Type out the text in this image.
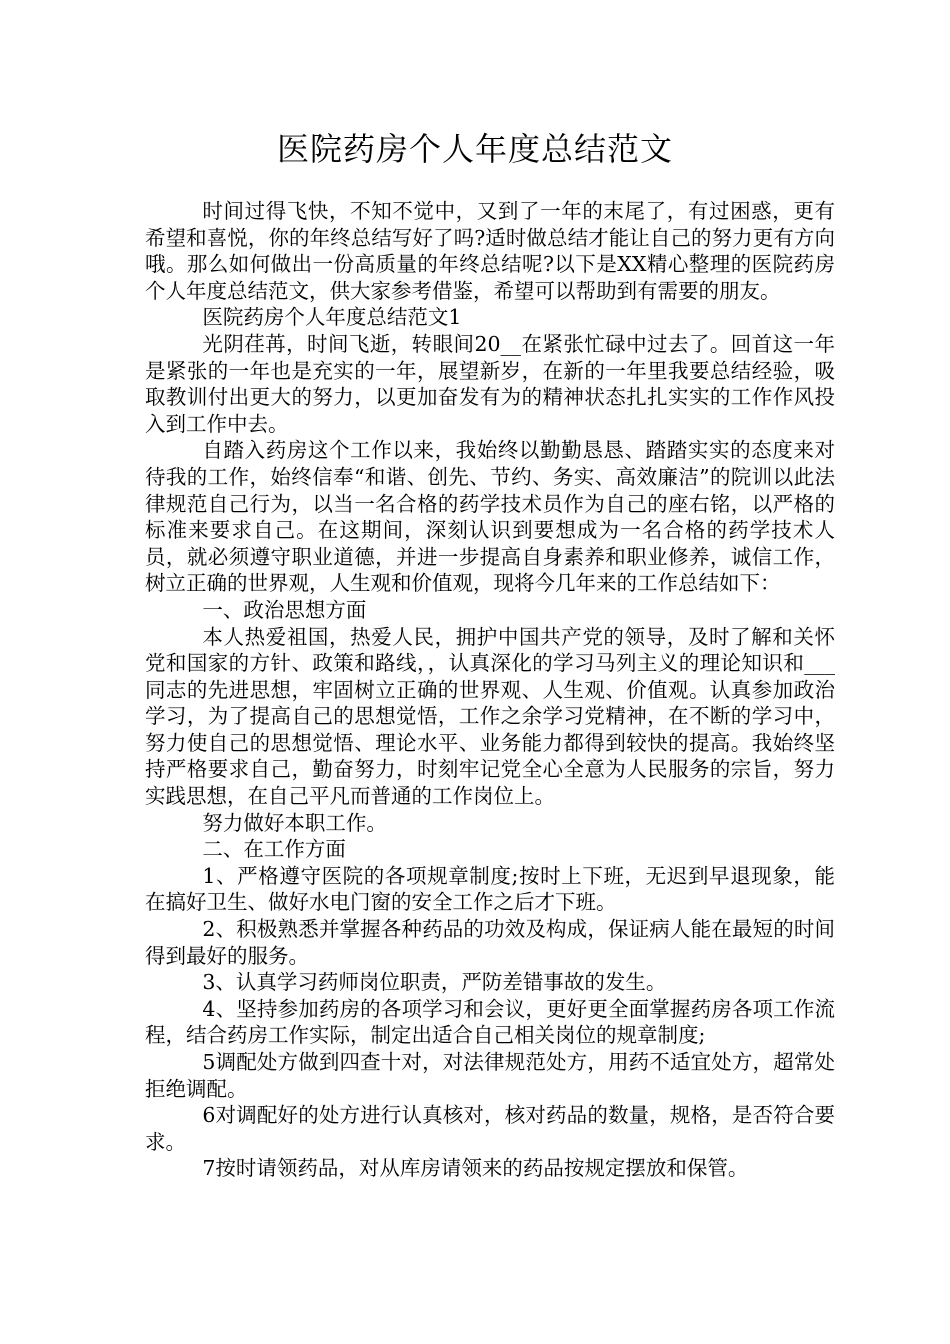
医院药房个人年度总结范文

时间过得飞快，不知不觉中，又到了一年的末尾了，有过困惑，更有希望和喜悦，你的年终总结写好了吗?适时做总结才能让自己的努力更有方向哦。那么如何做出一份高质量的年终总结呢?以下是XX精心整理的医院药房个人年度总结范文，供大家参考借鉴，希望可以帮助到有需要的朋友。

医院药房个人年度总结范文1

光阴荏苒，时间飞逝，转眼间20__在紧张忙碌中过去了。回首这一年是紧张的一年也是充实的一年，展望新岁，在新的一年里我要总结经验，吸取教训付出更大的努力，以更加奋发有为的精神状态扎扎实实的工作作风投入到工作中去。

自踏入药房这个工作以来，我始终以勤勤恳恳、踏踏实实的态度来对待我的工作，始终信奉“和谐、创先、节约、务实、高效廉洁”的院训以此法律规范自己行为，以当一名合格的药学技术员作为自己的座右铭，以严格的标准来要求自己。在这期间，深刻认识到要想成为一名合格的药学技术人员，就必须遵守职业道德，并进一步提高自身素养和职业修养，诚信工作，树立正确的世界观，人生观和价值观，现将今几年来的工作总结如下：

一、政治思想方面

本人热爱祖国，热爱人民，拥护中国共产党的领导，及时了解和关怀党和国家的方针、政策和路线，，认真深化的学习马列主义的理论知识和___同志的先进思想，牢固树立正确的世界观、人生观、价值观。认真参加政治学习，为了提高自己的思想觉悟，工作之余学习党精神，在不断的学习中，努力使自己的思想觉悟、理论水平、业务能力都得到较快的提高。我始终坚持严格要求自己，勤奋努力，时刻牢记党全心全意为人民服务的宗旨，努力实践思想，在自己平凡而普通的工作岗位上。

努力做好本职工作。

二、在工作方面

1、严格遵守医院的各项规章制度;按时上下班，无迟到早退现象，能在搞好卫生、做好水电门窗的安全工作之后才下班。

2、积极熟悉并掌握各种药品的功效及构成，保证病人能在最短的时间得到最好的服务。

3、认真学习药师岗位职责，严防差错事故的发生。

4、坚持参加药房的各项学习和会议，更好更全面掌握药房各项工作流程，结合药房工作实际，制定出适合自己相关岗位的规章制度;

5调配处方做到四查十对，对法律规范处方，用药不适宜处方，超常处拒绝调配。

6对调配好的处方进行认真核对，核对药品的数量，规格，是否符合要求。

7按时请领药品，对从库房请领来的药品按规定摆放和保管。
